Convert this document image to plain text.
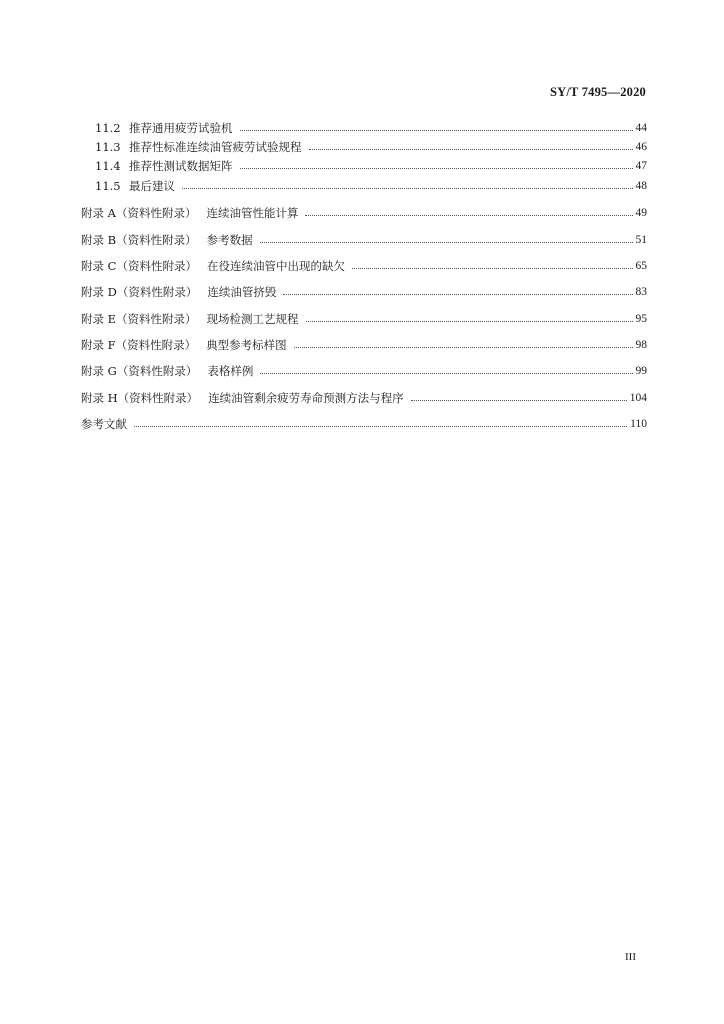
SY/T 7495—2020
11.2 推荐通用疲劳试验机	44
11.3 推荐性标准连续油管疲劳试验规程	46
11.4 推荐性测试数据矩阵	47
11.5 最后建议	48
附录 A（资料性附录） 连续油管性能计算	49
附录 B（资料性附录） 参考数据	51
附录 C（资料性附录） 在役连续油管中出现的缺欠	65
附录 D（资料性附录） 连续油管挤毁	83
附录 E（资料性附录） 现场检测工艺规程	95
附录 F（资料性附录） 典型参考标样图	98
附录 G（资料性附录） 表格样例	99
附录 H（资料性附录） 连续油管剩余疲劳寿命预测方法与程序	104
参考文献	110
III
